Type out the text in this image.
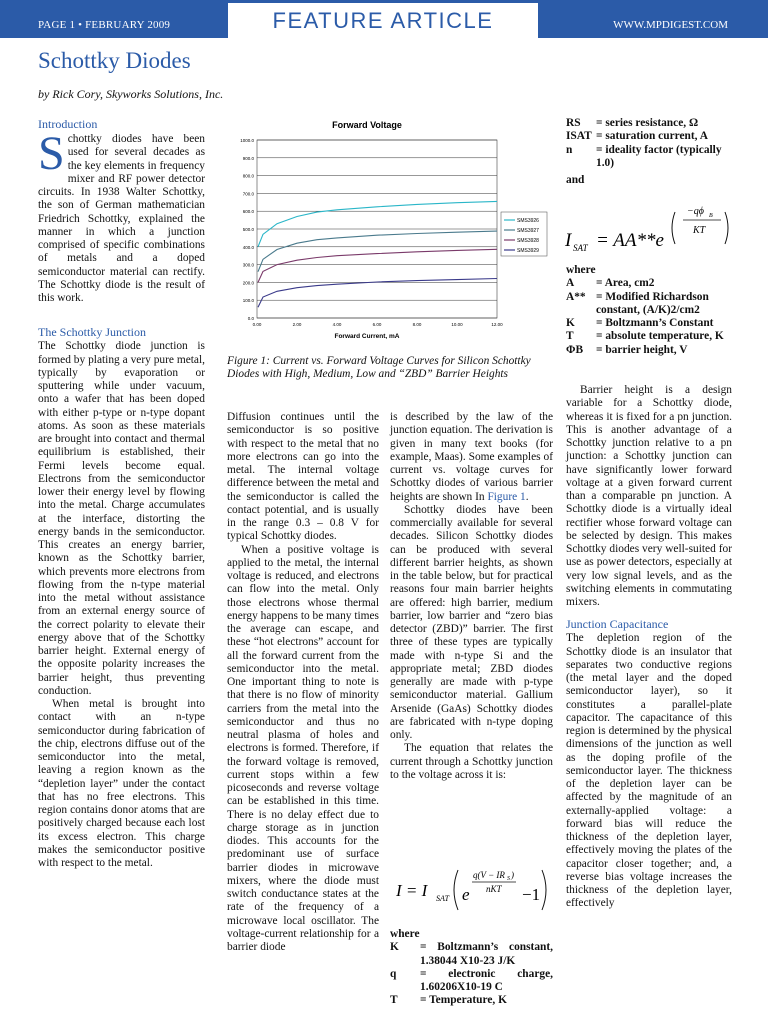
PAGE 1 • FEBRUARY 2009	FEATURE ARTICLE	WWW.MPDIGEST.COM
Schottky Diodes
by Rick Cory, Skyworks Solutions, Inc.

Introduction

Schottky diodes have been used for several decades as the key elements in frequency mixer and RF power detector circuits. In 1938 Walter Schottky, the son of German mathematician Friedrich Schottky, explained the manner in which a junction comprised of specific combinations of metals and a doped semiconductor material can rectify. The Schottky diode is the result of this work.

The Schottky Junction

The Schottky diode junction is formed by plating a very pure metal, typically by evaporation or sputtering while under vacuum, onto a wafer that has been doped with either p-type or n-type dopant atoms. As soon as these materials are brought into contact and thermal equilibrium is established, their Fermi levels become equal. Electrons from the semiconductor lower their energy level by flowing into the metal. Charge accumulates at the interface, distorting the energy bands in the semiconductor. This creates an energy barrier, known as the Schottky barrier, which prevents more electrons from flowing from the n-type material into the metal without assistance from an external energy source of the correct polarity to elevate their energy above that of the Schottky barrier height. External energy of the opposite polarity increases the barrier height, thus preventing conduction.

When metal is brought into contact with an n-type semiconductor during fabrication of the chip, electrons diffuse out of the semiconductor into the metal, leaving a region known as the “depletion layer” under the contact that has no free electrons. This region contains donor atoms that are positively charged because each lost its excess electron. This charge makes the semiconductor positive with respect to the metal.

Forward Voltage
0.0
100.0
200.0
300.0
400.0
500.0
600.0
700.0
800.0
900.0
1000.0
0.00	2.00	4.00	6.00	8.00	10.00	12.00
SMS3926
SMS3927
SMS3928
SMS3929
Forward Current, mA
Figure 1: Current vs. Forward Voltage Curves for Silicon Schottky Diodes with High, Medium, Low and “ZBD” Barrier Heights

Diffusion continues until the semiconductor is so positive with respect to the metal that no more electrons can go into the metal. The internal voltage difference between the metal and the semiconductor is called the contact potential, and is usually in the range 0.3 – 0.8 V for typical Schottky diodes.

When a positive voltage is applied to the metal, the internal voltage is reduced, and electrons can flow into the metal. Only those electrons whose thermal energy happens to be many times the average can escape, and these “hot electrons” account for all the forward current from the semiconductor into the metal. One important thing to note is that there is no flow of minority carriers from the metal into the semiconductor and thus no neutral plasma of holes and electrons is formed. Therefore, if the forward voltage is removed, current stops within a few picoseconds and reverse voltage can be established in this time. There is no delay effect due to charge storage as in junction diodes. This accounts for the predominant use of surface barrier diodes in microwave mixers, where the diode must switch conductance states at the rate of the frequency of a microwave local oscillator. The voltage-current relationship for a barrier diode

is described by the law of the junction equation. The derivation is given in many text books (for example, Maas). Some examples of current vs. voltage curves for Schottky diodes of various barrier heights are shown In Figure 1.

Schottky diodes have been commercially available for several decades. Silicon Schottky diodes can be produced with several different barrier heights, as shown in the table below, but for practical reasons four main barrier heights are offered: high barrier, medium barrier, low barrier and “zero bias detector (ZBD)” barrier. The first three of these types are typically made with n-type Si and the appropriate metal; ZBD diodes generally are made with p-type semiconductor material. Gallium Arsenide (GaAs) Schottky diodes are fabricated with n-type doping only.

The equation that relates the current through a Schottky junction to the voltage across it is:

I = I SAT e
q(V − IR S )
nKT −1

where

K	= Boltzmann’s constant, 1.38044 X10-23 J/K
q	= electronic charge, 1.60206X10-19 C
T	= Temperature, K
RS	= series resistance, Ω
ISAT = saturation current, A
n	= ideality factor (typically 1.0)

and

I SAT = AA**e
−qϕ B
KT

where

A	= Area, cm2
A** = Modified Richardson constant, (A/K)2/cm2
K	= Boltzmann’s Constant
T	= absolute temperature, K
ΦB	= barrier height, V

Barrier height is a design variable for a Schottky diode, whereas it is fixed for a pn junction. This is another advantage of a Schottky junction relative to a pn junction: a Schottky junction can have significantly lower forward voltage at a given forward current than a comparable pn junction. A Schottky diode is a virtually ideal rectifier whose forward voltage can be selected by design. This makes Schottky diodes very well-suited for use as power detectors, especially at very low signal levels, and as the switching elements in commutating mixers.

Junction Capacitance

The depletion region of the Schottky diode is an insulator that separates two conductive regions (the metal layer and the doped semiconductor layer), so it constitutes a parallel-plate capacitor. The capacitance of this region is determined by the physical dimensions of the junction as well as the doping profile of the semiconductor layer. The thickness of the depletion layer can be affected by the magnitude of an externally-applied voltage: a forward bias will reduce the thickness of the depletion layer, effectively moving the plates of the capacitor closer together; and, a reverse bias voltage increases the thickness of the depletion layer, effectively
